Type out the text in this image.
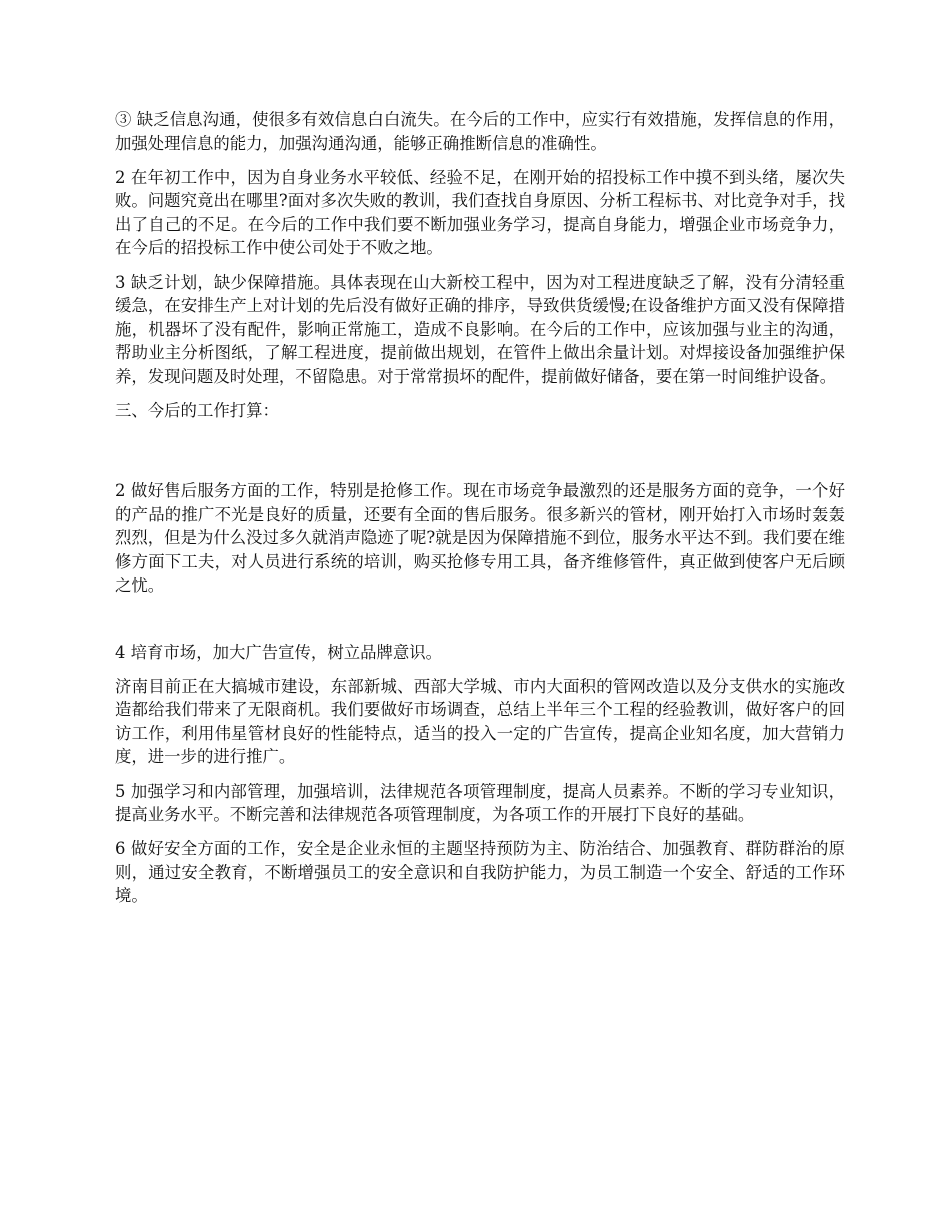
③ 缺乏信息沟通，使很多有效信息白白流失。在今后的工作中，应实行有效措施，发挥信息的作用，加强处理信息的能力，加强沟通沟通，能够正确推断信息的准确性。

2 在年初工作中，因为自身业务水平较低、经验不足，在刚开始的招投标工作中摸不到头绪，屡次失败。问题究竟出在哪里?面对多次失败的教训，我们查找自身原因、分析工程标书、对比竞争对手，找出了自己的不足。在今后的工作中我们要不断加强业务学习，提高自身能力，增强企业市场竞争力，在今后的招投标工作中使公司处于不败之地。

3 缺乏计划，缺少保障措施。具体表现在山大新校工程中，因为对工程进度缺乏了解，没有分清轻重缓急，在安排生产上对计划的先后没有做好正确的排序，导致供货缓慢;在设备维护方面又没有保障措施，机器坏了没有配件，影响正常施工，造成不良影响。在今后的工作中，应该加强与业主的沟通，帮助业主分析图纸，了解工程进度，提前做出规划，在管件上做出余量计划。对焊接设备加强维护保养，发现问题及时处理，不留隐患。对于常常损坏的配件，提前做好储备，要在第一时间维护设备。

三、今后的工作打算：

2 做好售后服务方面的工作，特别是抢修工作。现在市场竞争最激烈的还是服务方面的竞争，一个好的产品的推广不光是良好的质量，还要有全面的售后服务。很多新兴的管材，刚开始打入市场时轰轰烈烈，但是为什么没过多久就消声隐迹了呢?就是因为保障措施不到位，服务水平达不到。我们要在维修方面下工夫，对人员进行系统的培训，购买抢修专用工具，备齐维修管件，真正做到使客户无后顾之忧。

4 培育市场，加大广告宣传，树立品牌意识。

济南目前正在大搞城市建设，东部新城、西部大学城、市内大面积的管网改造以及分支供水的实施改造都给我们带来了无限商机。我们要做好市场调查，总结上半年三个工程的经验教训，做好客户的回访工作，利用伟星管材良好的性能特点，适当的投入一定的广告宣传，提高企业知名度，加大营销力度，进一步的进行推广。

5 加强学习和内部管理，加强培训，法律规范各项管理制度，提高人员素养。不断的学习专业知识，提高业务水平。不断完善和法律规范各项管理制度，为各项工作的开展打下良好的基础。

6 做好安全方面的工作，安全是企业永恒的主题坚持预防为主、防治结合、加强教育、群防群治的原则，通过安全教育，不断增强员工的安全意识和自我防护能力，为员工制造一个安全、舒适的工作环境。
